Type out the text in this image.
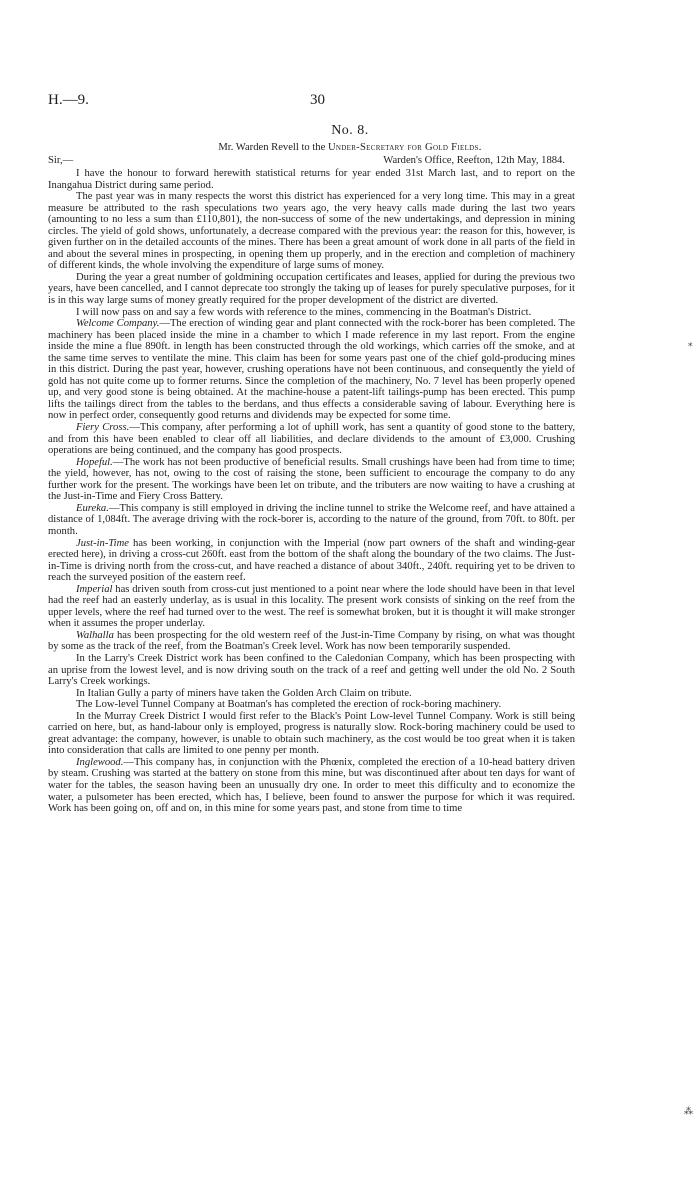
H.—9.	30
No. 8.
Mr. Warden Revell to the Under-Secretary for Gold Fields.
Sir,—	Warden's Office, Reefton, 12th May, 1884.

I have the honour to forward herewith statistical returns for year ended 31st March last, and to report on the Inangahua District during same period.

The past year was in many respects the worst this district has experienced for a very long time. This may in a great measure be attributed to the rash speculations two years ago, the very heavy calls made during the last two years (amounting to no less a sum than £110,801), the non-success of some of the new undertakings, and depression in mining circles. The yield of gold shows, unfortunately, a decrease compared with the previous year: the reason for this, however, is given further on in the detailed accounts of the mines. There has been a great amount of work done in all parts of the field in and about the several mines in prospecting, in opening them up properly, and in the erection and completion of machinery of different kinds, the whole involving the expenditure of large sums of money.

During the year a great number of goldmining occupation certificates and leases, applied for during the previous two years, have been cancelled, and I cannot deprecate too strongly the taking up of leases for purely speculative purposes, for it is in this way large sums of money greatly required for the proper development of the district are diverted.

I will now pass on and say a few words with reference to the mines, commencing in the Boatman's District.

Welcome Company.—The erection of winding gear and plant connected with the rock-borer has been completed. The machinery has been placed inside the mine in a chamber to which I made reference in my last report. From the engine inside the mine a flue 890ft. in length has been constructed through the old workings, which carries off the smoke, and at the same time serves to ventilate the mine. This claim has been for some years past one of the chief gold-producing mines in this district. During the past year, however, crushing operations have not been continuous, and consequently the yield of gold has not quite come up to former returns. Since the completion of the machinery, No. 7 level has been properly opened up, and very good stone is being obtained. At the machine-house a patent-lift tailings-pump has been erected. This pump lifts the tailings direct from the tables to the berdans, and thus effects a considerable saving of labour. Everything here is now in perfect order, consequently good returns and dividends may be expected for some time.

Fiery Cross.—This company, after performing a lot of uphill work, has sent a quantity of good stone to the battery, and from this have been enabled to clear off all liabilities, and declare dividends to the amount of £3,000. Crushing operations are being continued, and the company has good prospects.

Hopeful.—The work has not been productive of beneficial results. Small crushings have been had from time to time; the yield, however, has not, owing to the cost of raising the stone, been sufficient to encourage the company to do any further work for the present. The workings have been let on tribute, and the tributers are now waiting to have a crushing at the Just-in-Time and Fiery Cross Battery.

Eureka.—This company is still employed in driving the incline tunnel to strike the Welcome reef, and have attained a distance of 1,084ft. The average driving with the rock-borer is, according to the nature of the ground, from 70ft. to 80ft. per month.

Just-in-Time has been working, in conjunction with the Imperial (now part owners of the shaft and winding-gear erected here), in driving a cross-cut 260ft. east from the bottom of the shaft along the boundary of the two claims. The Just-in-Time is driving north from the cross-cut, and have reached a distance of about 340ft., 240ft. requiring yet to be driven to reach the surveyed position of the eastern reef.

Imperial has driven south from cross-cut just mentioned to a point near where the lode should have been in that level had the reef had an easterly underlay, as is usual in this locality. The present work consists of sinking on the reef from the upper levels, where the reef had turned over to the west. The reef is somewhat broken, but it is thought it will make stronger when it assumes the proper underlay.

Walhalla has been prospecting for the old western reef of the Just-in-Time Company by rising, on what was thought by some as the track of the reef, from the Boatman's Creek level. Work has now been temporarily suspended.

In the Larry's Creek District work has been confined to the Caledonian Company, which has been prospecting with an uprise from the lowest level, and is now driving south on the track of a reef and getting well under the old No. 2 South Larry's Creek workings.

In Italian Gully a party of miners have taken the Golden Arch Claim on tribute.

The Low-level Tunnel Company at Boatman's has completed the erection of rock-boring machinery.

In the Murray Creek District I would first refer to the Black's Point Low-level Tunnel Company. Work is still being carried on here, but, as hand-labour only is employed, progress is naturally slow. Rock-boring machinery could be used to great advantage: the company, however, is unable to obtain such machinery, as the cost would be too great when it is taken into consideration that calls are limited to one penny per month.

Inglewood.—This company has, in conjunction with the Phœnix, completed the erection of a 10-head battery driven by steam. Crushing was started at the battery on stone from this mine, but was discontinued after about ten days for want of water for the tables, the season having been an unusually dry one. In order to meet this difficulty and to economize the water, a pulsometer has been erected, which has, I believe, been found to answer the purpose for which it was required. Work has been going on, off and on, in this mine for some years past, and stone from time to time

⁎
⁂
